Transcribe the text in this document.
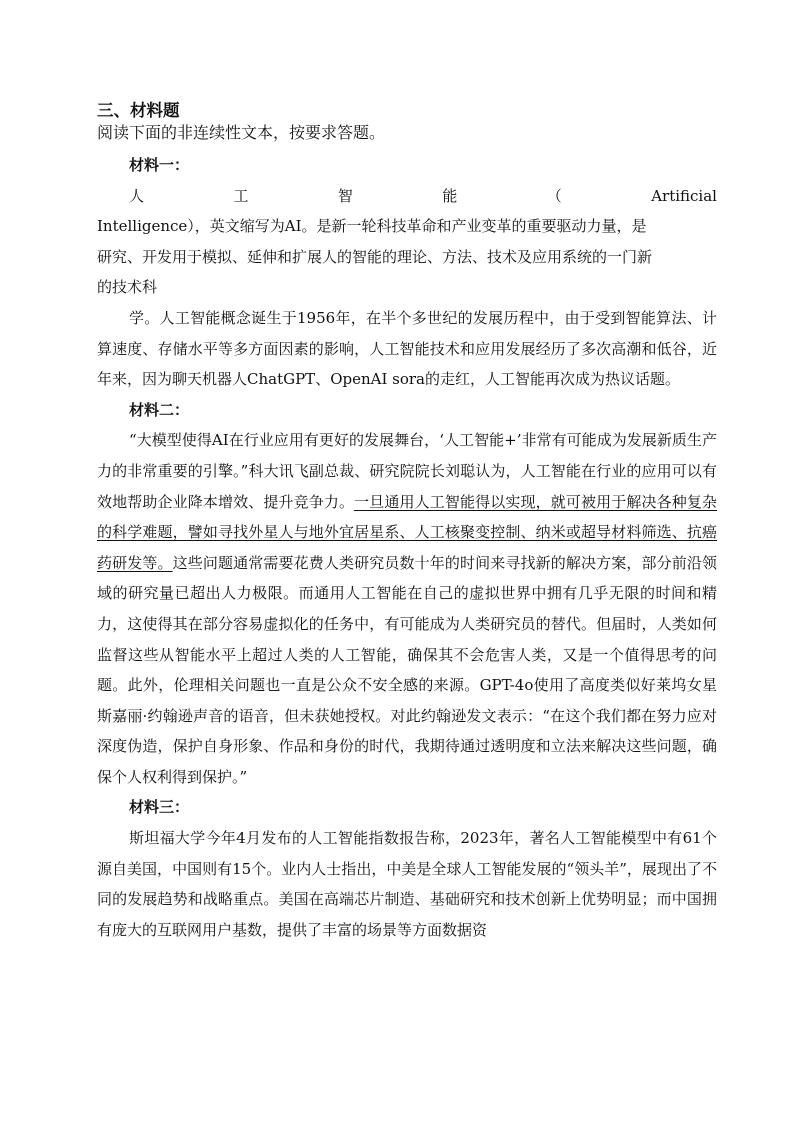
三、材料题
阅读下面的非连续性文本，按要求答题。

材料一：

人	工	智	能	（	Artificial

Intelligence），英文缩写为AI。是新一轮科技革命和产业变革的重要驱动力量，是

研究、开发用于模拟、延伸和扩展人的智能的理论、方法、技术及应用系统的一门新

的技术科

学。人工智能概念诞生于1956年，在半个多世纪的发展历程中，由于受到智能算法、计算速度、存储水平等多方面因素的影响，人工智能技术和应用发展经历了多次高潮和低谷，近年来，因为聊天机器人ChatGPT、OpenAI sora的走红，人工智能再次成为热议话题。

材料二：

“大模型使得AI在行业应用有更好的发展舞台，‘人工智能+’非常有可能成为发展新质生产力的非常重要的引擎。”科大讯飞副总裁、研究院院长刘聪认为，人工智能在行业的应用可以有效地帮助企业降本增效、提升竞争力。一旦通用人工智能得以实现，就可被用于解决各种复杂的科学难题，譬如寻找外星人与地外宜居星系、人工核聚变控制、纳米或超导材料筛选、抗癌药研发等。这些问题通常需要花费人类研究员数十年的时间来寻找新的解决方案，部分前沿领域的研究量已超出人力极限。而通用人工智能在自己的虚拟世界中拥有几乎无限的时间和精力，这使得其在部分容易虚拟化的任务中，有可能成为人类研究员的替代。但届时，人类如何监督这些从智能水平上超过人类的人工智能，确保其不会危害人类，又是一个值得思考的问题。此外，伦理相关问题也一直是公众不安全感的来源。GPT-4o使用了高度类似好莱坞女星斯嘉丽·约翰逊声音的语音，但未获她授权。对此约翰逊发文表示：“在这个我们都在努力应对深度伪造，保护自身形象、作品和身份的时代，我期待通过透明度和立法来解决这些问题，确保个人权利得到保护。”

材料三：

斯坦福大学今年4月发布的人工智能指数报告称，2023年，著名人工智能模型中有61个源自美国，中国则有15个。业内人士指出，中美是全球人工智能发展的“领头羊”，展现出了不同的发展趋势和战略重点。美国在高端芯片制造、基础研究和技术创新上优势明显；而中国拥有庞大的互联网用户基数，提供了丰富的场景等方面数据资
